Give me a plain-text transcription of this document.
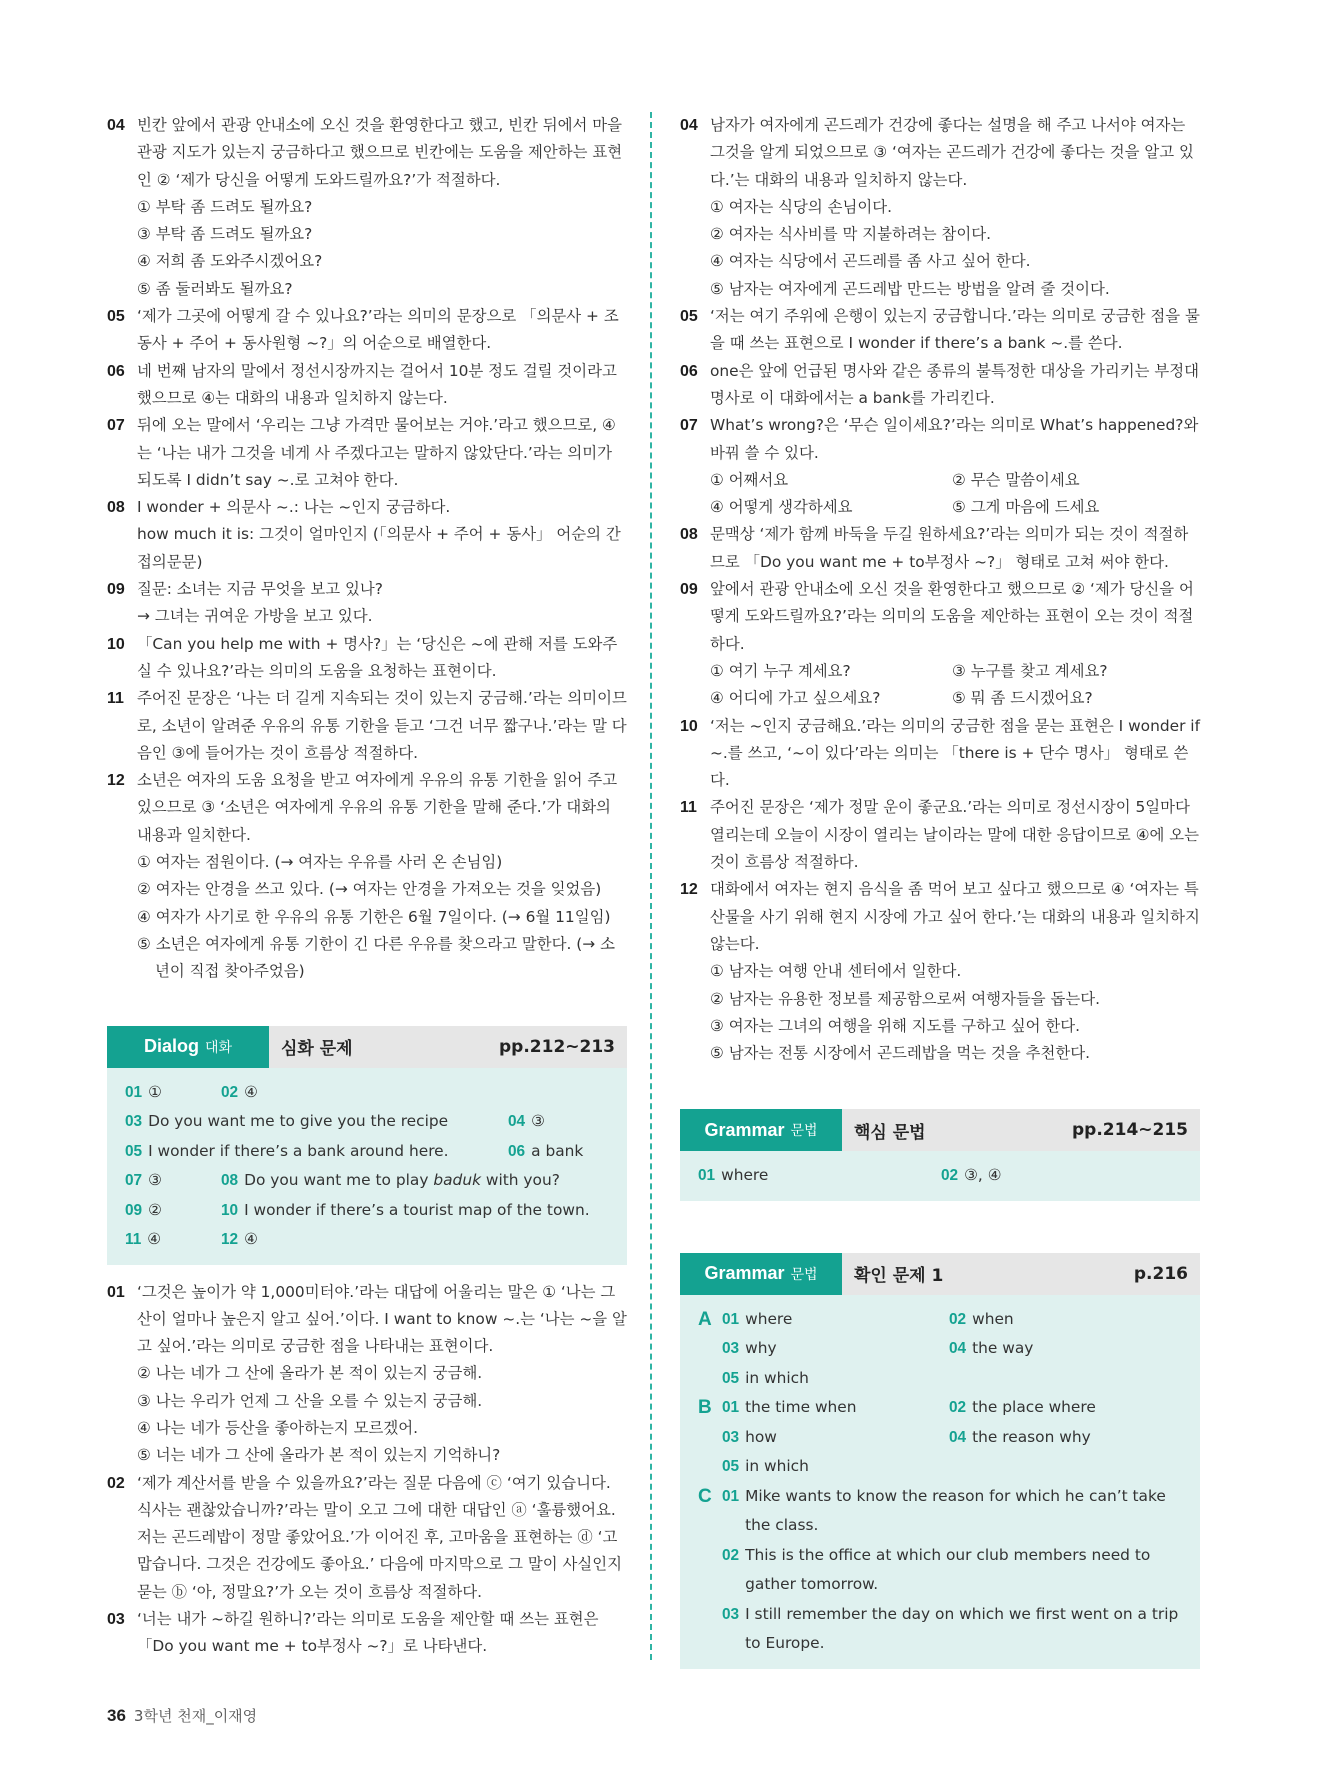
04 빈칸 앞에서 관광 안내소에 오신 것을 환영한다고 했고, 빈칸 뒤에서 마을 관광 지도가 있는지 궁금하다고 했으므로 빈칸에는 도움을 제안하는 표현인 ② ‘제가 당신을 어떻게 도와드릴까요?’가 적절하다.
① 부탁 좀 드려도 될까요?
③ 부탁 좀 드려도 될까요?
④ 저희 좀 도와주시겠어요?
⑤ 좀 둘러봐도 될까요?
05 ‘제가 그곳에 어떻게 갈 수 있나요?’라는 의미의 문장으로 「의문사 + 조동사 + 주어 + 동사원형 ~?」의 어순으로 배열한다.
06 네 번째 남자의 말에서 정선시장까지는 걸어서 10분 정도 걸릴 것이라고 했으므로 ④는 대화의 내용과 일치하지 않는다.
07 뒤에 오는 말에서 ‘우리는 그냥 가격만 물어보는 거야.’라고 했으므로, ④는 ‘나는 내가 그것을 네게 사 주겠다고는 말하지 않았단다.’라는 의미가 되도록 I didn’t say ~.로 고쳐야 한다.
08 I wonder + 의문사 ~.: 나는 ~인지 궁금하다.
how much it is: 그것이 얼마인지 (「의문사 + 주어 + 동사」 어순의 간접의문문)
09 질문: 소녀는 지금 무엇을 보고 있나?
→ 그녀는 귀여운 가방을 보고 있다.
10 「Can you help me with + 명사?」는 ‘당신은 ~에 관해 저를 도와주실 수 있나요?’라는 의미의 도움을 요청하는 표현이다.
11 주어진 문장은 ‘나는 더 길게 지속되는 것이 있는지 궁금해.’라는 의미이므로, 소년이 알려준 우유의 유통 기한을 듣고 ‘그건 너무 짧구나.’라는 말 다음인 ③에 들어가는 것이 흐름상 적절하다.
12 소년은 여자의 도움 요청을 받고 여자에게 우유의 유통 기한을 읽어 주고 있으므로 ③ ‘소년은 여자에게 우유의 유통 기한을 말해 준다.’가 대화의 내용과 일치한다.
① 여자는 점원이다. (→ 여자는 우유를 사러 온 손님임)
② 여자는 안경을 쓰고 있다. (→ 여자는 안경을 가져오는 것을 잊었음)
④ 여자가 사기로 한 우유의 유통 기한은 6월 7일이다. (→ 6월 11일임)
⑤ 소년은 여자에게 유통 기한이 긴 다른 우유를 찾으라고 말한다. (→ 소년이 직접 찾아주었음)
Dialog 대화	심화 문제	pp.212~213
01 ①	02 ④
03 Do you want me to give you the recipe	04 ③
05 I wonder if there’s a bank around here.	06 a bank
07 ③	08 Do you want me to play baduk with you?
09 ②	10 I wonder if there’s a tourist map of the town.
11 ④	12 ④
01 ‘그것은 높이가 약 1,000미터야.’라는 대답에 어울리는 말은 ① ‘나는 그 산이 얼마나 높은지 알고 싶어.’이다. I want to know ~.는 ‘나는 ~을 알고 싶어.’라는 의미로 궁금한 점을 나타내는 표현이다.
② 나는 네가 그 산에 올라가 본 적이 있는지 궁금해.
③ 나는 우리가 언제 그 산을 오를 수 있는지 궁금해.
④ 나는 네가 등산을 좋아하는지 모르겠어.
⑤ 너는 네가 그 산에 올라가 본 적이 있는지 기억하니?
02 ‘제가 계산서를 받을 수 있을까요?’라는 질문 다음에 ⓒ ‘여기 있습니다. 식사는 괜찮았습니까?’라는 말이 오고 그에 대한 대답인 ⓐ ‘훌륭했어요. 저는 곤드레밥이 정말 좋았어요.’가 이어진 후, 고마움을 표현하는 ⓓ ‘고맙습니다. 그것은 건강에도 좋아요.’ 다음에 마지막으로 그 말이 사실인지 묻는 ⓑ ‘아, 정말요?’가 오는 것이 흐름상 적절하다.
03 ‘너는 내가 ~하길 원하니?’라는 의미로 도움을 제안할 때 쓰는 표현은 「Do you want me + to부정사 ~?」로 나타낸다.
04 남자가 여자에게 곤드레가 건강에 좋다는 설명을 해 주고 나서야 여자는 그것을 알게 되었으므로 ③ ‘여자는 곤드레가 건강에 좋다는 것을 알고 있다.’는 대화의 내용과 일치하지 않는다.
① 여자는 식당의 손님이다.
② 여자는 식사비를 막 지불하려는 참이다.
④ 여자는 식당에서 곤드레를 좀 사고 싶어 한다.
⑤ 남자는 여자에게 곤드레밥 만드는 방법을 알려 줄 것이다.
05 ‘저는 여기 주위에 은행이 있는지 궁금합니다.’라는 의미로 궁금한 점을 물을 때 쓰는 표현으로 I wonder if there’s a bank ~.를 쓴다.
06 one은 앞에 언급된 명사와 같은 종류의 불특정한 대상을 가리키는 부정대명사로 이 대화에서는 a bank를 가리킨다.
07 What’s wrong?은 ‘무슨 일이세요?’라는 의미로 What’s happened?와 바꿔 쓸 수 있다.
① 어째서요	② 무슨 말씀이세요
④ 어떻게 생각하세요	⑤ 그게 마음에 드세요
08 문맥상 ‘제가 함께 바둑을 두길 원하세요?’라는 의미가 되는 것이 적절하므로 「Do you want me + to부정사 ~?」 형태로 고쳐 써야 한다.
09 앞에서 관광 안내소에 오신 것을 환영한다고 했으므로 ② ‘제가 당신을 어떻게 도와드릴까요?’라는 의미의 도움을 제안하는 표현이 오는 것이 적절하다.
① 여기 누구 계세요?	③ 누구를 찾고 계세요?
④ 어디에 가고 싶으세요?	⑤ 뭐 좀 드시겠어요?
10 ‘저는 ~인지 궁금해요.’라는 의미의 궁금한 점을 묻는 표현은 I wonder if ~.를 쓰고, ‘~이 있다’라는 의미는 「there is + 단수 명사」 형태로 쓴다.
11 주어진 문장은 ‘제가 정말 운이 좋군요.’라는 의미로 정선시장이 5일마다 열리는데 오늘이 시장이 열리는 날이라는 말에 대한 응답이므로 ④에 오는 것이 흐름상 적절하다.
12 대화에서 여자는 현지 음식을 좀 먹어 보고 싶다고 했으므로 ④ ‘여자는 특산물을 사기 위해 현지 시장에 가고 싶어 한다.’는 대화의 내용과 일치하지 않는다.
① 남자는 여행 안내 센터에서 일한다.
② 남자는 유용한 정보를 제공함으로써 여행자들을 돕는다.
③ 여자는 그녀의 여행을 위해 지도를 구하고 싶어 한다.
⑤ 남자는 전통 시장에서 곤드레밥을 먹는 것을 추천한다.
Grammar 문법	핵심 문법	pp.214~215
01 where	02 ③, ④
Grammar 문법	확인 문제 1	p.216
A 01 where	02 when
03 why	04 the way
05 in which
B 01 the time when	02 the place where
03 how	04 the reason why
05 in which
C 01 Mike wants to know the reason for which he can’t take the class.
02 This is the office at which our club members need to gather tomorrow.
03 I still remember the day on which we first went on a trip to Europe.
36 3학년 천재_이재영
